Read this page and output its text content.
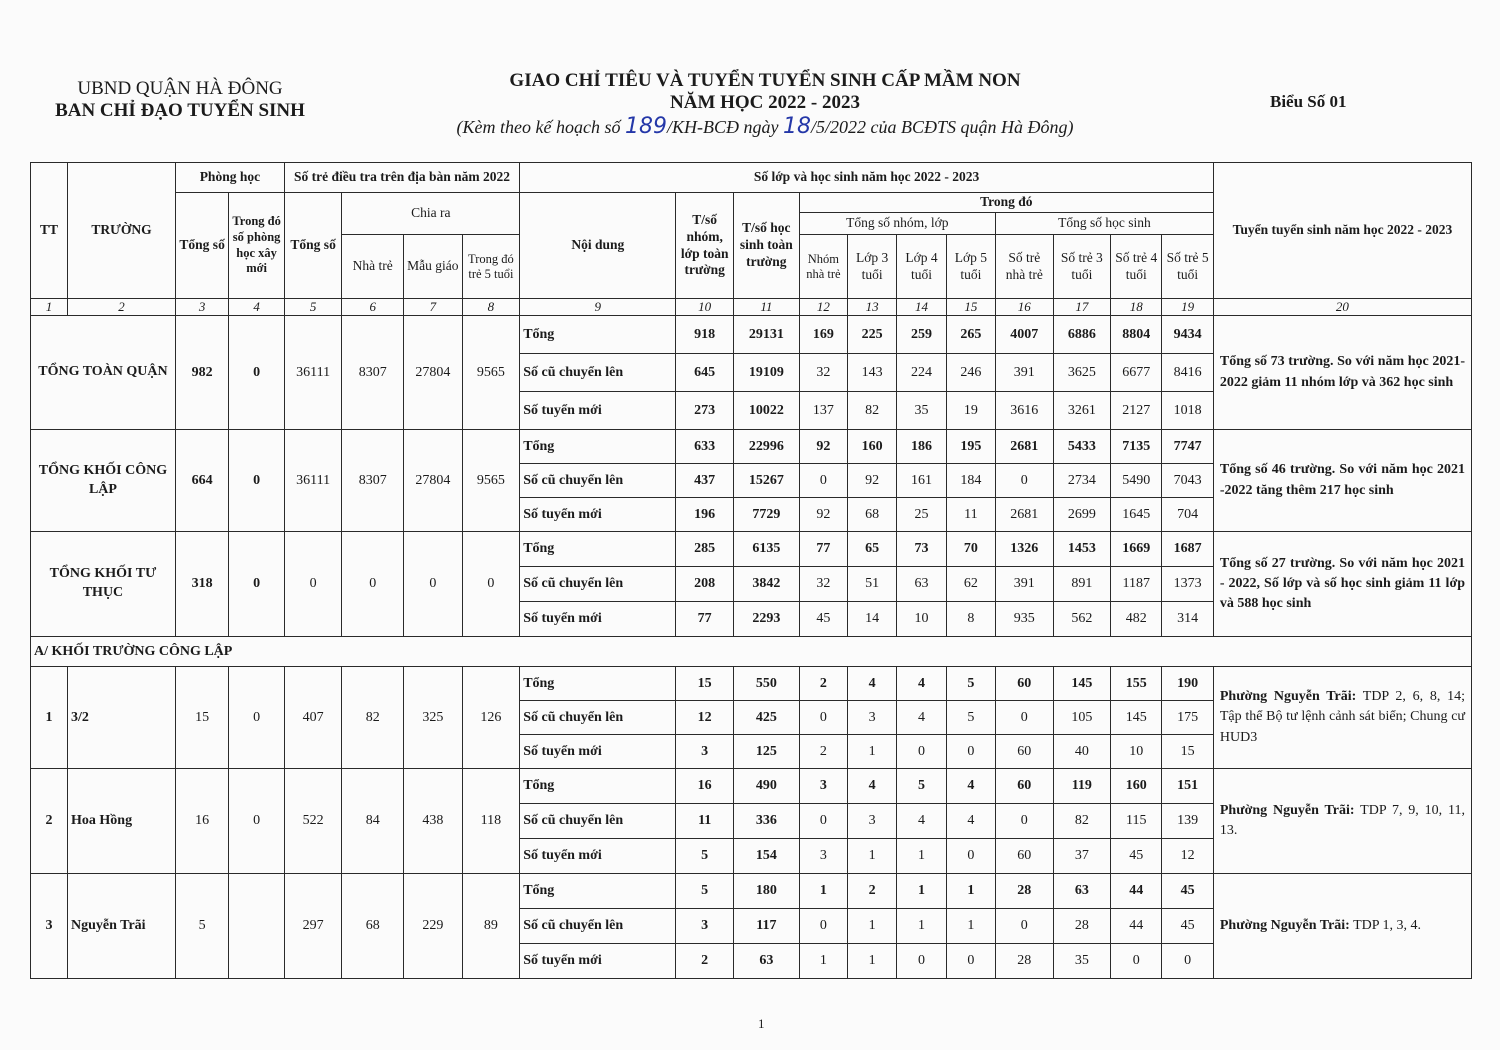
UBND QUẬN HÀ ĐÔNG
BAN CHỈ ĐẠO TUYỂN SINH
GIAO CHỈ TIÊU VÀ TUYỂN TUYỂN SINH CẤP MẦM NON
NĂM HỌC 2022 - 2023
(Kèm theo kế hoạch số 189/KH-BCĐ ngày 18/5/2022 của BCĐTS quận Hà Đông)
Biểu Số 01
TT	TRƯỜNG	Phòng học		Số trẻ điều tra trên địa bàn năm 2022				Số lớp và học sinh năm học 2022 - 2023											Tuyển tuyển sinh năm học 2022 - 2023
		Tổng số	Trong đó số phòng học xây mới	Tổng số	Chia ra			Nội dung	T/số nhóm, lớp toàn trường	T/số học sinh toàn trường	Trong đó								
											Tổng số nhóm, lớp				Tổng số học sinh				
					Nhà trẻ	Mẫu giáo	Trong đó trẻ 5 tuổi				Nhóm nhà trẻ	Lớp 3 tuổi	Lớp 4 tuổi	Lớp 5 tuổi	Số trẻ nhà trẻ	Số trẻ 3 tuổi	Số trẻ 4 tuổi	Số trẻ 5 tuổi	
1	2	3	4	5	6	7	8	9	10	11	12	13	14	15	16	17	18	19	20
TỔNG TOÀN QUẬN		982	0	36111	8307	27804	9565	Tổng	918	29131	169	225	259	265	4007	6886	8804	9434	Tổng số 73 trường. So với năm học 2021-2022 giảm 11 nhóm lớp và 362 học sinh
								Số cũ chuyển lên	645	19109	32	143	224	246	391	3625	6677	8416	
								Số tuyển mới	273	10022	137	82	35	19	3616	3261	2127	1018	
TỔNG KHỐI CÔNG LẬP		664	0	36111	8307	27804	9565	Tổng	633	22996	92	160	186	195	2681	5433	7135	7747	Tổng số 46 trường. So với năm học 2021 -2022 tăng thêm 217 học sinh
								Số cũ chuyển lên	437	15267	0	92	161	184	0	2734	5490	7043	
								Số tuyển mới	196	7729	92	68	25	11	2681	2699	1645	704	
TỔNG KHỐI TƯ THỤC		318	0	0	0	0	0	Tổng	285	6135	77	65	73	70	1326	1453	1669	1687	Tổng số 27 trường. So với năm học 2021 - 2022, Số lớp và số học sinh giảm 11 lớp và 588 học sinh
								Số cũ chuyển lên	208	3842	32	51	63	62	391	891	1187	1373	
								Số tuyển mới	77	2293	45	14	10	8	935	562	482	314	
A/ KHỐI TRƯỜNG CÔNG LẬP																			
1	3/2	15	0	407	82	325	126	Tổng	15	550	2	4	4	5	60	145	155	190	Phường Nguyễn Trãi: TDP 2, 6, 8, 14; Tập thể Bộ tư lệnh cảnh sát biển; Chung cư HUD3
								Số cũ chuyển lên	12	425	0	3	4	5	0	105	145	175	
								Số tuyển mới	3	125	2	1	0	0	60	40	10	15	
2	Hoa Hồng	16	0	522	84	438	118	Tổng	16	490	3	4	5	4	60	119	160	151	Phường Nguyễn Trãi: TDP 7, 9, 10, 11, 13.
								Số cũ chuyển lên	11	336	0	3	4	4	0	82	115	139	
								Số tuyển mới	5	154	3	1	1	0	60	37	45	12	
3	Nguyễn Trãi	5		297	68	229	89	Tổng	5	180	1	2	1	1	28	63	44	45	Phường Nguyễn Trãi: TDP 1, 3, 4.
								Số cũ chuyển lên	3	117	0	1	1	1	0	28	44	45	
								Số tuyển mới	2	63	1	1	0	0	28	35	0	0	
1
